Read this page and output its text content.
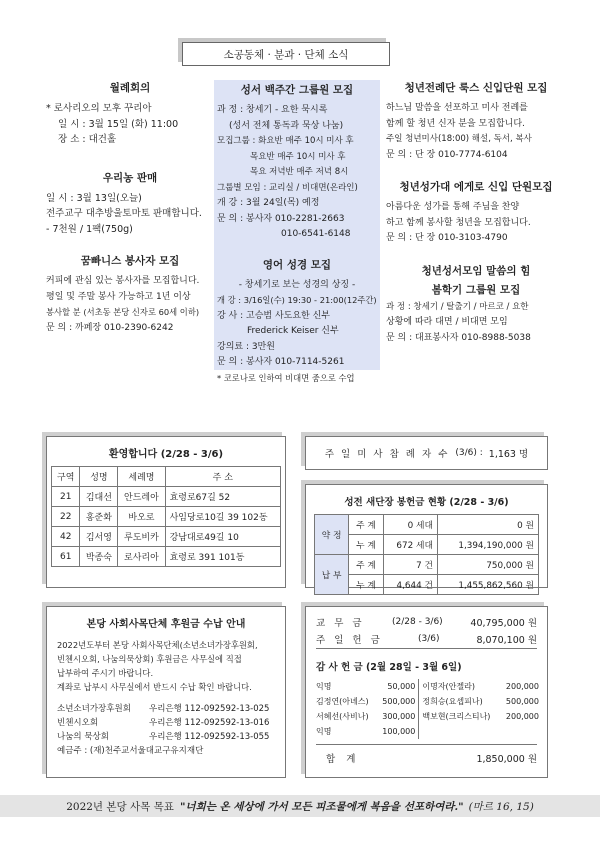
소공동체 · 분과 · 단체 소식
월례회의
* 로사리오의 모후 꾸리아
일 시 : 3월 15일 (화) 11:00
장 소 : 대건홀
우리농 판매
일 시 : 3월 13일(오늘)
전주교구 대추방울토마토 판매합니다.
- 7천원 / 1팩(750g)
꿈빠니스 봉사자 모집
커피에 관심 있는 봉사자를 모집합니다.
평일 및 주말 봉사 가능하고 1년 이상
봉사할 분 (서초동 본당 신자로 60세 이하)
문 의 : 까페장 010-2390-6242
성서 백주간 그룹원 모집
과 정 : 창세기 - 요한 묵시록
(성서 전체 통독과 묵상 나눔)
모집그룹 : 화요반 매주 10시 미사 후
목요반 매주 10시 미사 후
목요 저녁반 매주 저녁 8시
그룹별 모임 : 교리실 / 비대면(온라인)
개 강 : 3월 24일(목) 예정
문 의 : 봉사자 010-2281-2663
010-6541-6148
영어 성경 모집
- 창세기로 보는 성경의 상징 -
개 강 : 3/16일(수) 19:30 - 21:00(12주간)
강 사 : 고승범 사도요한 신부
Frederick Keiser 신부
강의료 : 3만원
문 의 : 봉사자 010-7114-5261
* 코로나로 인하여 비대면 줌으로 수업
청년전례단 룩스 신입단원 모집
하느님 말씀을 선포하고 미사 전례를
함께 할 청년 신자 분을 모집합니다.
주일 청년미사(18:00) 해설, 독서, 복사
문 의 : 단 장 010-7774-6104
청년성가대 에게로 신입 단원모집
아름다운 성가를 통해 주님을 찬양
하고 함께 봉사할 청년을 모집합니다.
문 의 : 단 장 010-3103-4790
청년성서모임 말씀의 힘
봄학기 그룹원 모집
과 정 : 창세기 / 탈출기 / 마르코 / 요한
상황에 따라 대면 / 비대면 모임
문 의 : 대표봉사자 010-8988-5038
환영합니다 (2/28 - 3/6)
구역	성명	세례명	주 소
21	김대선	안드레아	효령로67길 52
22	홍준화	바오로	사임당로10길 39 102동
42	김서영	루도비카	강남대로49길 10
61	박종숙	로사리아	효령로 391 101동
주 일 미 사 참 례 자 수 (3/6) : 1,163 명
성전 새단장 봉헌금 현황 (2/28 - 3/6)
약 정	주 계	0 세대	0 원
	누 계	672 세대	1,394,190,000 원
납 부	주 계	7 건	750,000 원
	누 계	4,644 건	1,455,862,560 원
본당 사회사목단체 후원금 수납 안내
2022년도부터 본당 사회사목단체(소년소녀가장후원회,
빈첸시오회, 나눔의묵상회) 후원금은 사무실에 직접
납부하여 주시기 바랍니다.
계좌로 납부시 사무실에서 반드시 수납 확인 바랍니다.
소년소녀가장후원회	우리은행 112-092592-13-025
빈첸시오회	우리은행 112-092592-13-016
나눔의 묵상회	우리은행 112-092592-13-055
예금주 : (재)천주교서울대교구유지재단
교 무 금	(2/28 - 3/6)	40,795,000 원
주 일 헌 금	(3/6)	8,070,100 원
감 사 헌 금 (2월 28일 - 3월 6일)
익명	50,000	이명자(안젤라)	200,000
김정연(아녜스)	500,000	정희승(요셉피나)	500,000
서혜선(사비나)	300,000	백보현(크리스티나)	200,000
익명	100,000		
합 계	1,850,000 원
2022년 본당 사목 목표 "너희는 온 세상에 가서 모든 피조물에게 복음을 선포하여라." (마르 16, 15)
